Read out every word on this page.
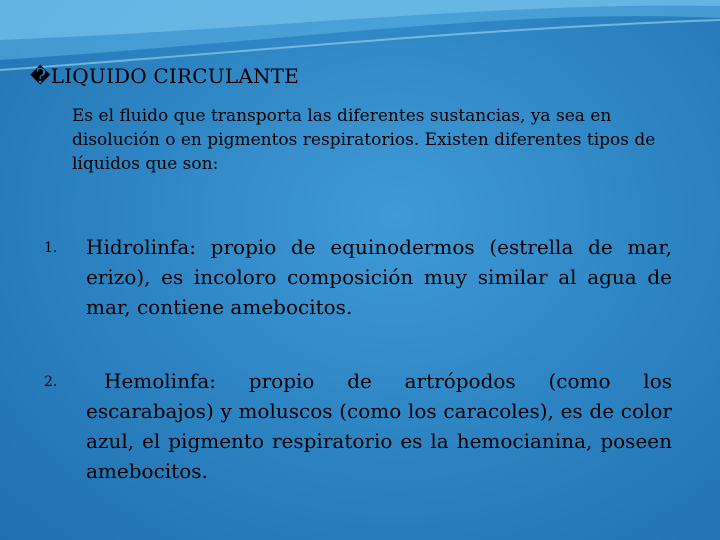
�LIQUIDO CIRCULANTE
Es el fluido que transporta las diferentes sustancias, ya sea en disolución o en pigmentos respiratorios. Existen diferentes tipos de líquidos que son:
1. Hidrolinfa: propio de equinodermos (estrella de mar, erizo), es incoloro composición muy similar al agua de mar, contiene amebocitos.
2.	Hemolinfa: propio de artrópodos (como los escarabajos) y moluscos (como los caracoles), es de color azul, el pigmento respiratorio es la hemocianina, poseen amebocitos.
